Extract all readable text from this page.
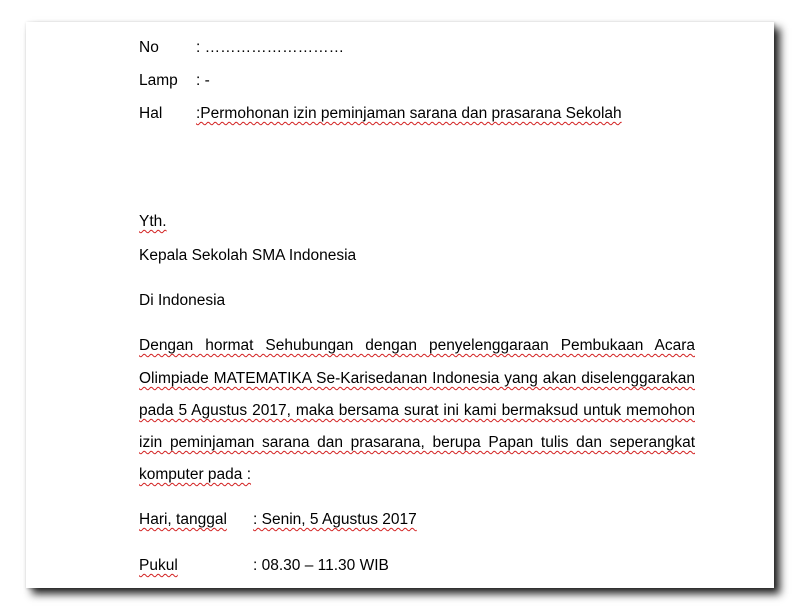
No : ………………………
Lamp : -
Hal :Permohonan izin peminjaman sarana dan prasarana Sekolah
Yth.
Kepala Sekolah SMA Indonesia
Di Indonesia
Dengan hormat Sehubungan dengan penyelenggaraan Pembukaan Acara
Olimpiade MATEMATIKA Se-Karisedanan Indonesia yang akan diselenggarakan
pada 5 Agustus 2017, maka bersama surat ini kami bermaksud untuk memohon
izin peminjaman sarana dan prasarana, berupa Papan tulis dan seperangkat
komputer pada :
Hari, tanggal : Senin, 5 Agustus 2017
Pukul	: 08.30 – 11.30 WIB
